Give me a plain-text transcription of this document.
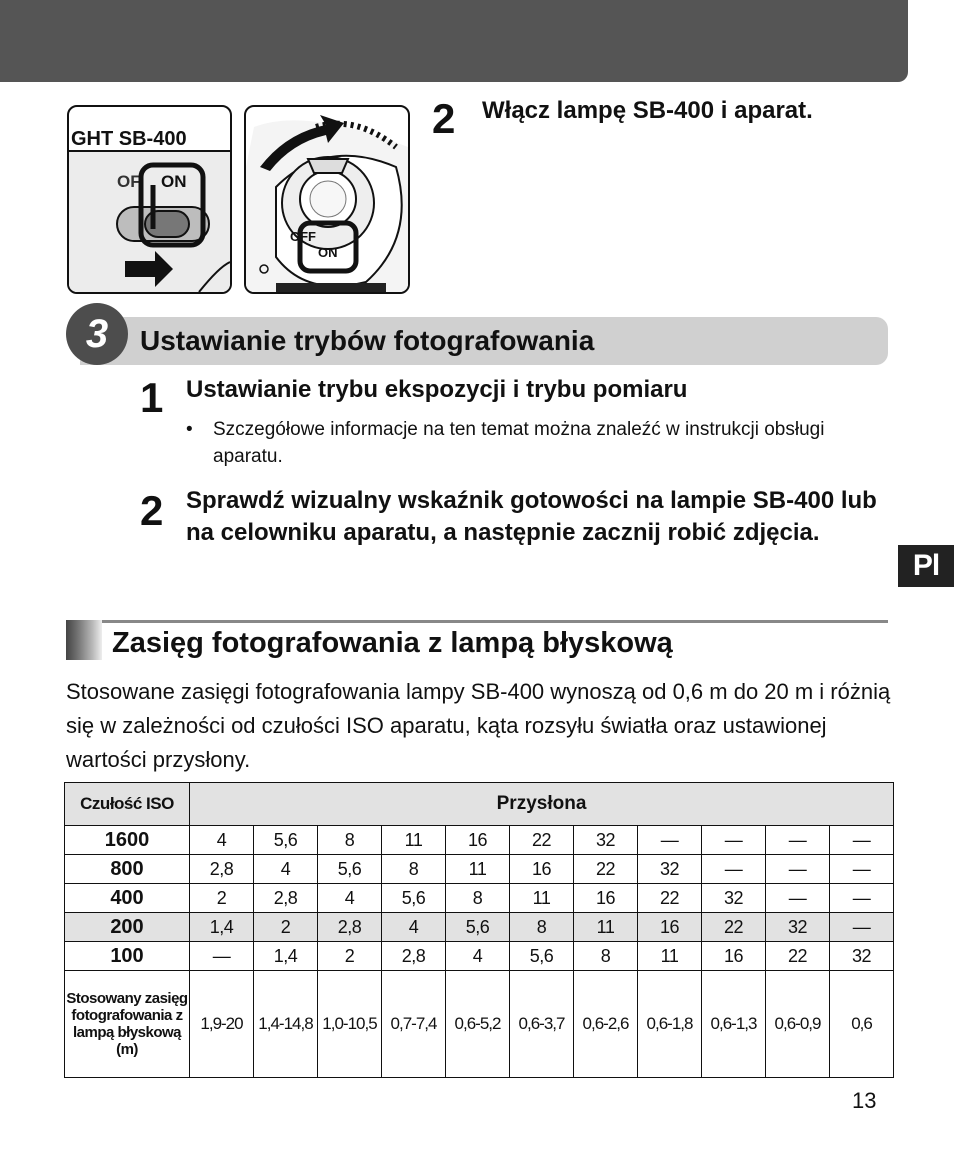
GHT SB-400
OF ON
OFF
ON
2 Włącz lampę SB-400 i aparat.
3	Ustawianie trybów fotografowania
1 Ustawianie trybu ekspozycji i trybu pomiaru
• Szczegółowe informacje na ten temat można znaleźć w instrukcji obsługi aparatu.
2 Sprawdź wizualny wskaźnik gotowości na lampie SB-400 lub na celowniku aparatu, a następnie zacznij robić zdjęcia.
Pl
Zasięg fotografowania z lampą błyskową
Stosowane zasięgi fotografowania lampy SB-400 wynoszą od 0,6 m do 20 m i różnią się w zależności od czułości ISO aparatu, kąta rozsyłu światła oraz ustawionej wartości przysłony.
Czułość ISO	Przysłona										
1600	4	5,6	8	11	16	22	32	—	—	—	—
800	2,8	4	5,6	8	11	16	22	32	—	—	—
400	2	2,8	4	5,6	8	11	16	22	32	—	—
200	1,4	2	2,8	4	5,6	8	11	16	22	32	—
100	—	1,4	2	2,8	4	5,6	8	11	16	22	32
Stosowany zasięg fotografowania z lampą błyskową (m)	1,9-20	1,4-14,8	1,0-10,5	0,7-7,4	0,6-5,2	0,6-3,7	0,6-2,6	0,6-1,8	0,6-1,3	0,6-0,9	0,6
13
